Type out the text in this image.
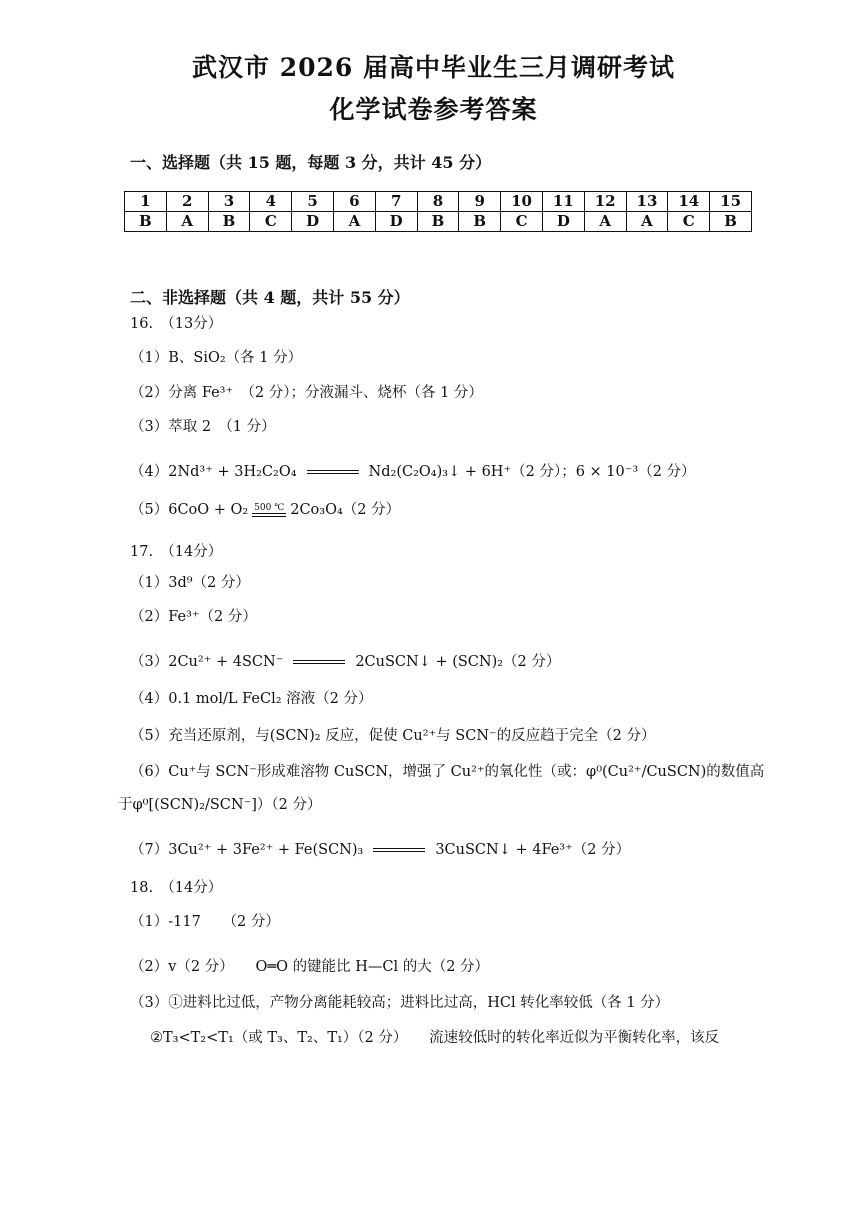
武汉市 2026 届高中毕业生三月调研考试
化学试卷参考答案
一、选择题（共 15 题，每题 3 分，共计 45 分）
1	2	3	4	5	6	7	8	9	10	11	12	13	14	15
B	A	B	C	D	A	D	B	B	C	D	A	A	C	B
二、非选择题（共 4 题，共计 55 分）
16.　（13分）
（1）B、SiO₂（各 1 分）
（2）分离 Fe³⁺　（2 分）；分液漏斗、烧杯（各 1 分）
（3）萃取 2　（1 分）
（4）2Nd³⁺ + 3H₂C₂O₄	Nd₂(C₂O₄)₃↓ + 6H⁺（2 分）；6 × 10⁻³（2 分）
（5）6CoO + O₂ 500 ℃ 2Co₃O₄（2 分）
17.　（14分）
（1）3d⁹（2 分）
（2）Fe³⁺（2 分）
（3）2Cu²⁺ + 4SCN⁻	2CuSCN↓ + (SCN)₂（2 分）
（4）0.1 mol/L FeCl₂ 溶液（2 分）
（5）充当还原剂，与(SCN)₂ 反应，促使 Cu²⁺与 SCN⁻的反应趋于完全（2 分）
（6）Cu⁺与 SCN⁻形成难溶物 CuSCN，增强了 Cu²⁺的氧化性（或：φ⁰(Cu²⁺/CuSCN)的数值高
于φ⁰[(SCN)₂/SCN⁻]）（2 分）
（7）3Cu²⁺ + 3Fe²⁺ + Fe(SCN)₃	3CuSCN↓ + 4Fe³⁺（2 分）
18.　（14分）
（1）-117　　（2 分）
（2）v（2 分）　　O═O 的键能比 H—Cl 的大（2 分）
（3）①进料比过低，产物分离能耗较高；进料比过高，HCl 转化率较低（各 1 分）
②T₃<T₂<T₁（或 T₃、T₂、T₁）（2 分）　　流速较低时的转化率近似为平衡转化率，该反
